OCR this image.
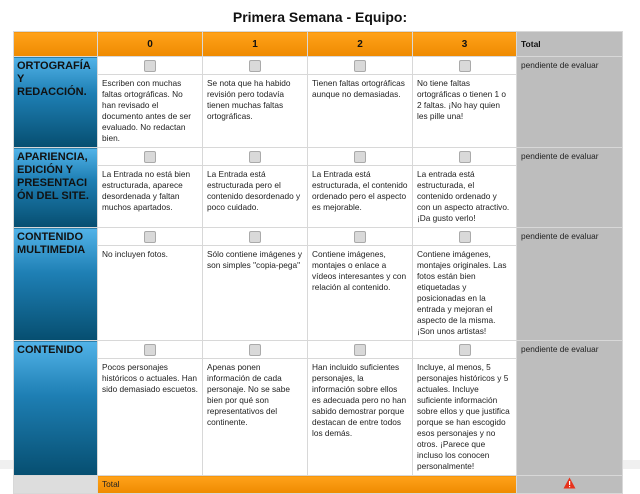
Primera Semana - Equipo:
	0	1	2	3	Total
ORTOGRAFÍA Y REDACCIÓN.					pendiente de evaluar
	Escriben con muchas faltas ortográficas. No han revisado el documento antes de ser evaluado. No redactan bien.	Se nota que ha habido revisión pero todavía tienen muchas faltas ortográficas.	Tienen faltas ortográficas aunque no demasiadas.	No tiene faltas ortográficas o tienen 1 o 2 faltas. ¡No hay quien les pille una!	
APARIENCIA, EDICIÓN Y PRESENTACI ÓN DEL SITE.					pendiente de evaluar
	La Entrada no está bien estructurada, aparece desordenada y faltan muchos apartados.	La Entrada está estructurada pero el contenido desordenado y poco cuidado.	La Entrada está estructurada, el contenido ordenado pero el aspecto es mejorable.	La entrada está estructurada, el contenido ordenado y con un aspecto atractivo. ¡Da gusto verlo!	
CONTENIDO MULTIMEDIA					pendiente de evaluar
	No incluyen fotos.	Sólo contiene imágenes y son simples "copia-pega"	Contiene imágenes, montajes o enlace a vídeos interesantes y con relación al contenido.	Contiene imágenes, montajes originales. Las fotos están bien etiquetadas y posicionadas en la entrada y mejoran el aspecto de la misma. ¡Son unos artistas!	
CONTENIDO					pendiente de evaluar
	Pocos personajes históricos o actuales. Han sido demasiado escuetos.	Apenas ponen información de cada personaje. No se sabe bien por qué son representativos del continente.	Han incluido suficientes personajes, la información sobre ellos es adecuada pero no han sabido demostrar porque destacan de entre todos los demás.	Incluye, al menos, 5 personajes históricos y 5 actuales. Incluye suficiente información sobre ellos y que justifica porque se han escogido esos personajes y no otros. ¡Parece que incluso los conocen personalmente!	
	Total	
